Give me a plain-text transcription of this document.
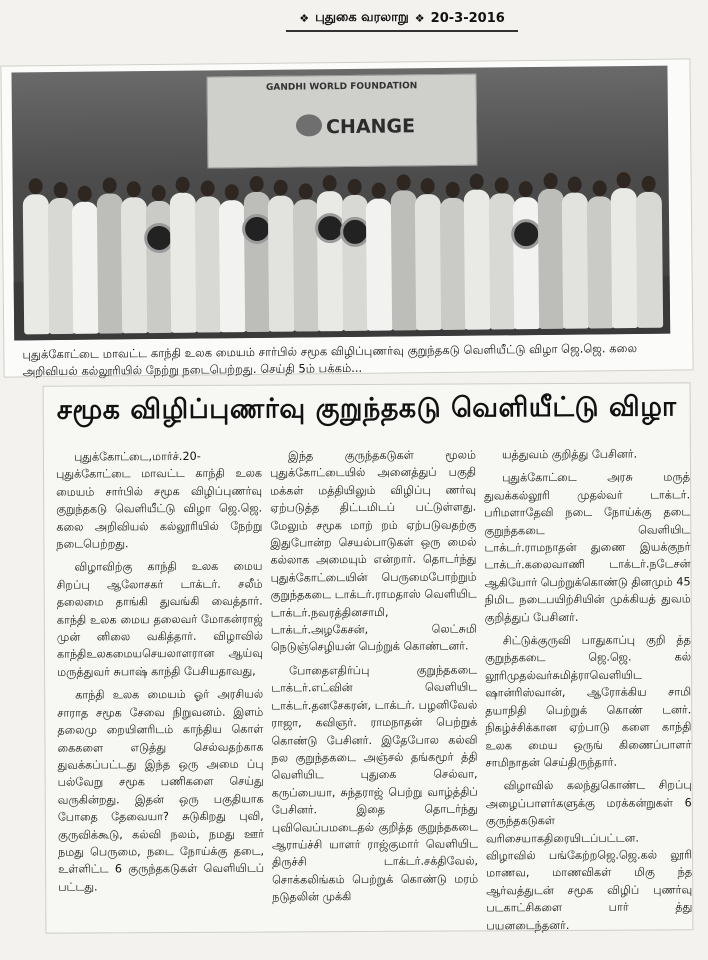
❖ புதுகை வரலாறு ❖ 20-3-2016
GANDHI WORLD FOUNDATION
CHANGE
புதுக்கோட்டை மாவட்ட காந்தி உலக மையம் சார்பில் சமூக விழிப்புணர்வு குறுந்தகடு வெளியீட்டு விழா ஜெ.ஜெ. கலை அறிவியல் கல்லூரியில் நேற்று நடைபெற்றது. செய்தி 5ம் பக்கம்...
சமூக விழிப்புணர்வு குறுந்தகடு வெளியீட்டு விழா

புதுக்கோட்டை,மார்ச்.20- புதுக்கோட்டை மாவட்ட காந்தி உலக மையம் சார்பில் சமூக விழிப்புணர்வு குறுந்தகடு வெளியீட்டு விழா ஜெ.ஜெ. கலை அறிவியல் கல்லூரியில் நேற்று நடைபெற்றது.

விழாவிற்கு காந்தி உலக மைய சிறப்பு ஆலோசகர் டாக்டர். சலீம் தலைமை தாங்கி துவங்கி வைத்தார். காந்தி உலக மைய தலைவர் மோகன்ராஜ் முன் னிலை வகித்தார். விழாவில் காந்திஉலகமையசெயலாளரான ஆய்வு மருத்துவர் சுபாஷ் காந்தி பேசியதாவது,

காந்தி உலக மையம் ஓர் அரசியல் சாராத சமூக சேவை நிறுவனம். இளம் தலைமு றையினரிடம் காந்திய கொள் கைகளை எடுத்து செல்வதற்காக துவக்கப்பட்டது இந்த ஒரு அமை ப்பு பல்வேறு சமூக பணிகளை செய்து வருகின்றது. இதன் ஒரு பகுதியாக போதை தேவையா? சுடுகிறது புவி, குருவிக்கூடு, கல்வி நலம், நமது ஊர் நமது பெருமை, நடை நோய்க்கு தடை, உள்ளிட்ட 6 குருந்தகடுகள் வெளியிடப் பட்டது.

இந்த குருந்தகடுகள் மூலம் புதுக்கோட்டையில் அனைத்துப் பகுதி மக்கள் மத்தியிலும் விழிப்பு ணர்வு ஏற்படுத்த திட்டமிடப் பட்டுள்ளது. மேலும் சமூக மாற் றம் ஏற்படுவதற்கு இதுபோன்ற செயல்பாடுகள் ஒரு மைல் கல்லாக அமையும் என்றார். தொடர்ந்து புதுக்கோட்டையின் பெருமைபோற்றும் குறுந்தகடை டாக்டர்.ராமதாஸ் வெளியிட டாக்டர்.நவரத்தினசாமி, டாக்டர்.அழகேசன், லெட்சுமி நெடுஞ்செழியன் பெற்றுக் கொண்டனர்.

போதைஎதிர்ப்பு குறுந்தகடை டாக்டர்.எட்வின் வெளியிட டாக்டர்.தனசேகரன், டாக்டர். பழனிவேல் ராஜா, கவிஞர். ராமநாதன் பெற்றுக் கொண்டு பேசினர். இதேபோல கல்வி நல குறுந்தகடை அஞ்சல் தங்கமூர் த்தி வெளியிட புதுகை செல்வா, கருப்பையா, சுந்தராஜ் பெற்று வாழ்த்திப் பேசினர். இதை தொடர்ந்து புவிவெப்பமடைதல் குறித்த குறுந்தகடை ஆராய்ச்சி யாளர் ராஜ்குமார் வெளியிட திருச்சி டாக்டர்.சக்திவேல், சொக்கலிங்கம் பெற்றுக் கொண்டு மரம் நடுதலின் முக்கி

யத்துவம் குறித்து பேசினர்.

புதுக்கோட்டை அரசு மருத் துவக்கல்லூரி முதல்வர் டாக்டர். பரிமளாதேவி நடை நோய்க்கு தடை குறுந்தகடை வெளியிட டாக்டர்.ராமநாதன் துணை இயக்குநர் டாக்டர்.கலைவாணி டாக்டர்.நடேசன் ஆகியோர் பெற்றுக்கொண்டு தினமும் 45 நிமிட நடைபயிற்சியின் முக்கியத் துவம் குறித்துப் பேசினர்.

சிட்டுக்குருவி பாதுகாப்பு குறி த்த குறுந்தகடை ஜெ.ஜெ. கல் லூரிமுதல்வர்சுமித்ராவெளியிட ஷான்ரிஸ்வான், ஆரோக்கிய சாமி தயாநிதி பெற்றுக் கொண் டனர். நிகழ்ச்சிக்கான ஏற்பாடு களை காந்தி உலக மைய ஒருங் கிணைப்பாளர் சாமிநாதன் செய்திருந்தார்.

விழாவில் கலந்துகொண்ட சிறப்பு அழைப்பாளர்களுக்கு மரக்கன்றுகள் 6 குருந்தகடுகள் வரிசையாகதிரையிடப்பட்டன. விழாவில் பங்கேற்றஜெ.ஜெ.கல் லூரி மாணவ, மாணவிகள் மிகு ந்த ஆர்வத்துடன் சமூக விழிப் புணர்வு படகாட்சிகளை பார் த்து பயனடைந்தனர்.
